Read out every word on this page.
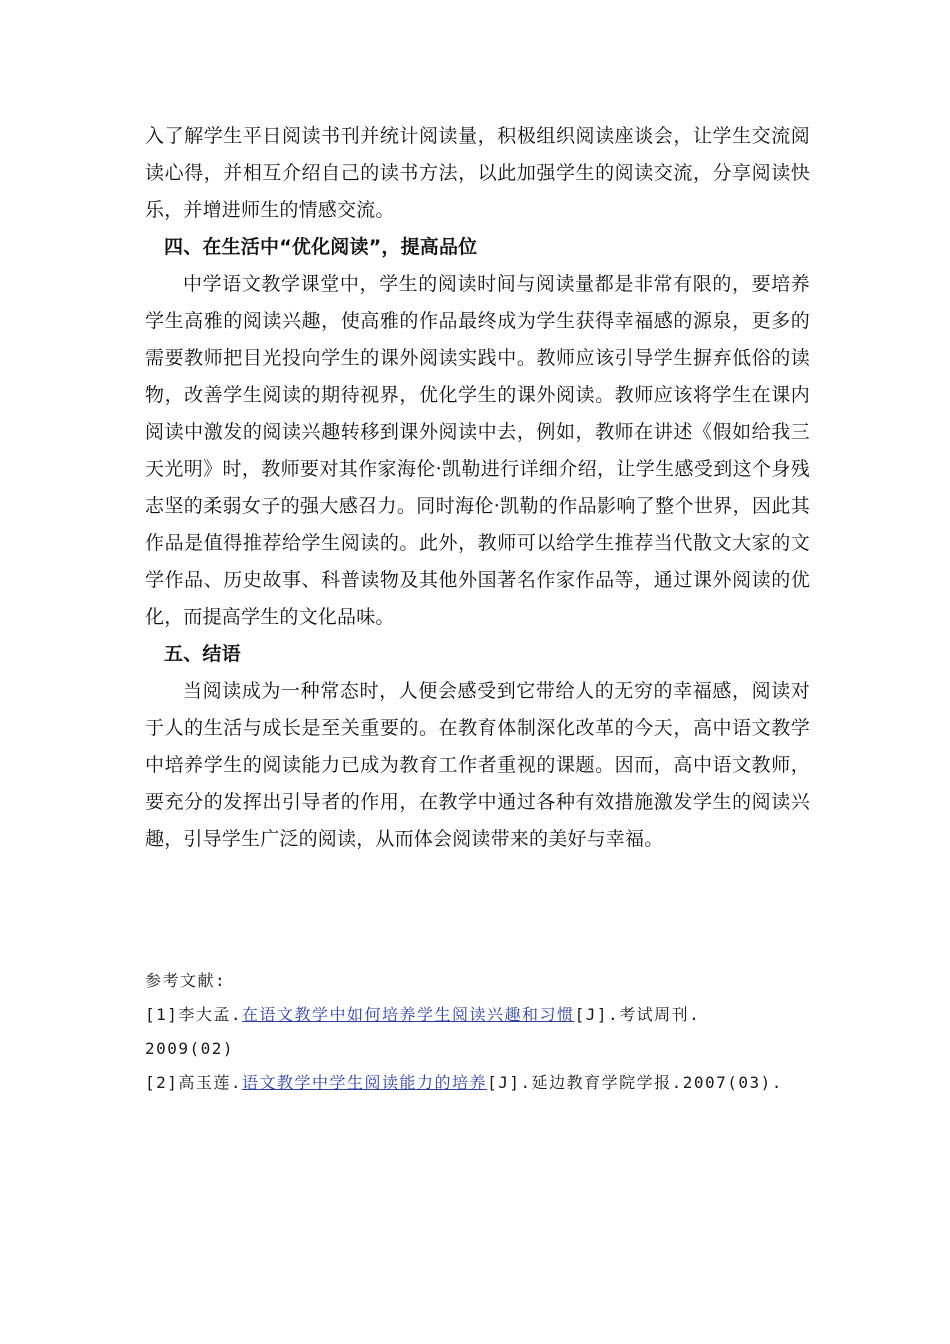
入了解学生平日阅读书刊并统计阅读量，积极组织阅读座谈会，让学生交流阅读心得，并相互介绍自己的读书方法，以此加强学生的阅读交流，分享阅读快乐，并增进师生的情感交流。

四、在生活中“优化阅读”，提高品位

中学语文教学课堂中，学生的阅读时间与阅读量都是非常有限的，要培养学生高雅的阅读兴趣，使高雅的作品最终成为学生获得幸福感的源泉，更多的需要教师把目光投向学生的课外阅读实践中。教师应该引导学生摒弃低俗的读物，改善学生阅读的期待视界，优化学生的课外阅读。教师应该将学生在课内阅读中激发的阅读兴趣转移到课外阅读中去，例如，教师在讲述《假如给我三天光明》时，教师要对其作家海伦·凯勒进行详细介绍，让学生感受到这个身残志坚的柔弱女子的强大感召力。同时海伦·凯勒的作品影响了整个世界，因此其作品是值得推荐给学生阅读的。此外，教师可以给学生推荐当代散文大家的文学作品、历史故事、科普读物及其他外国著名作家作品等，通过课外阅读的优化，而提高学生的文化品味。

五、结语

当阅读成为一种常态时，人便会感受到它带给人的无穷的幸福感，阅读对于人的生活与成长是至关重要的。在教育体制深化改革的今天，高中语文教学中培养学生的阅读能力已成为教育工作者重视的课题。因而，高中语文教师，要充分的发挥出引导者的作用，在教学中通过各种有效措施激发学生的阅读兴趣，引导学生广泛的阅读，从而体会阅读带来的美好与幸福。

参考文献:

[1]李大孟.在语文教学中如何培养学生阅读兴趣和习惯[J].考试周刊.

2009(02)

[2]高玉莲.语文教学中学生阅读能力的培养[J].延边教育学院学报.2007(03).
